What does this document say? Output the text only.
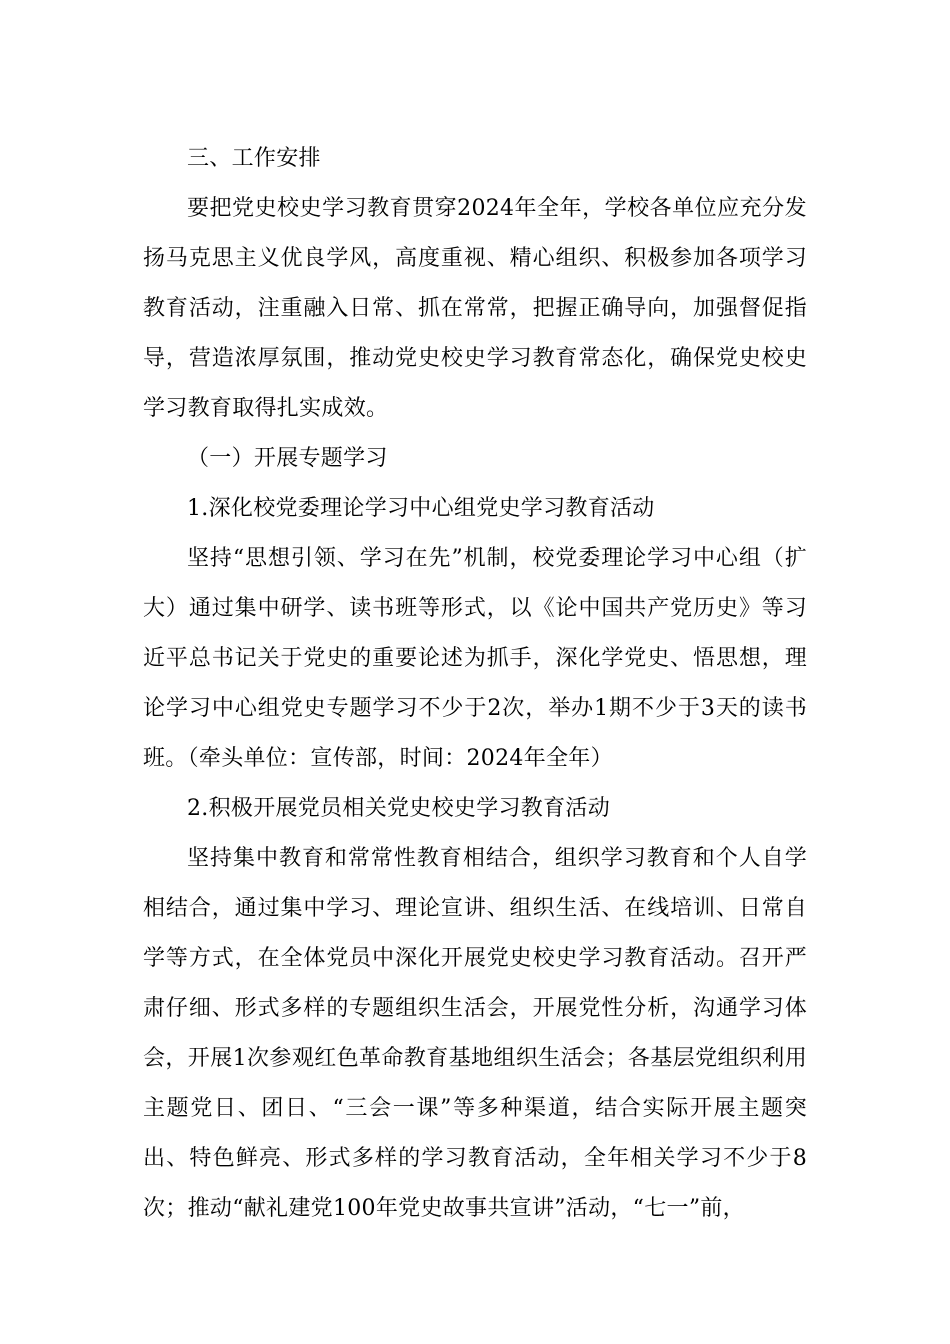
三、工作安排

要把党史校史学习教育贯穿2024年全年，学校各单位应充分发扬马克思主义优良学风，高度重视、精心组织、积极参加各项学习教育活动，注重融入日常、抓在常常，把握正确导向，加强督促指导，营造浓厚氛围，推动党史校史学习教育常态化，确保党史校史学习教育取得扎实成效。

（一）开展专题学习

1.深化校党委理论学习中心组党史学习教育活动

坚持“思想引领、学习在先”机制，校党委理论学习中心组（扩大）通过集中研学、读书班等形式，以《论中国共产党历史》等习近平总书记关于党史的重要论述为抓手，深化学党史、悟思想，理论学习中心组党史专题学习不少于2次，举办1期不少于3天的读书班。（牵头单位：宣传部，时间：2024年全年）

2.积极开展党员相关党史校史学习教育活动

坚持集中教育和常常性教育相结合，组织学习教育和个人自学相结合，通过集中学习、理论宣讲、组织生活、在线培训、日常自学等方式，在全体党员中深化开展党史校史学习教育活动。召开严肃仔细、形式多样的专题组织生活会，开展党性分析，沟通学习体会，开展1次参观红色革命教育基地组织生活会；各基层党组织利用主题党日、团日、“三会一课”等多种渠道，结合实际开展主题突出、特色鲜亮、形式多样的学习教育活动，全年相关学习不少于8次；推动“献礼建党100年党史故事共宣讲”活动，“七一”前，
